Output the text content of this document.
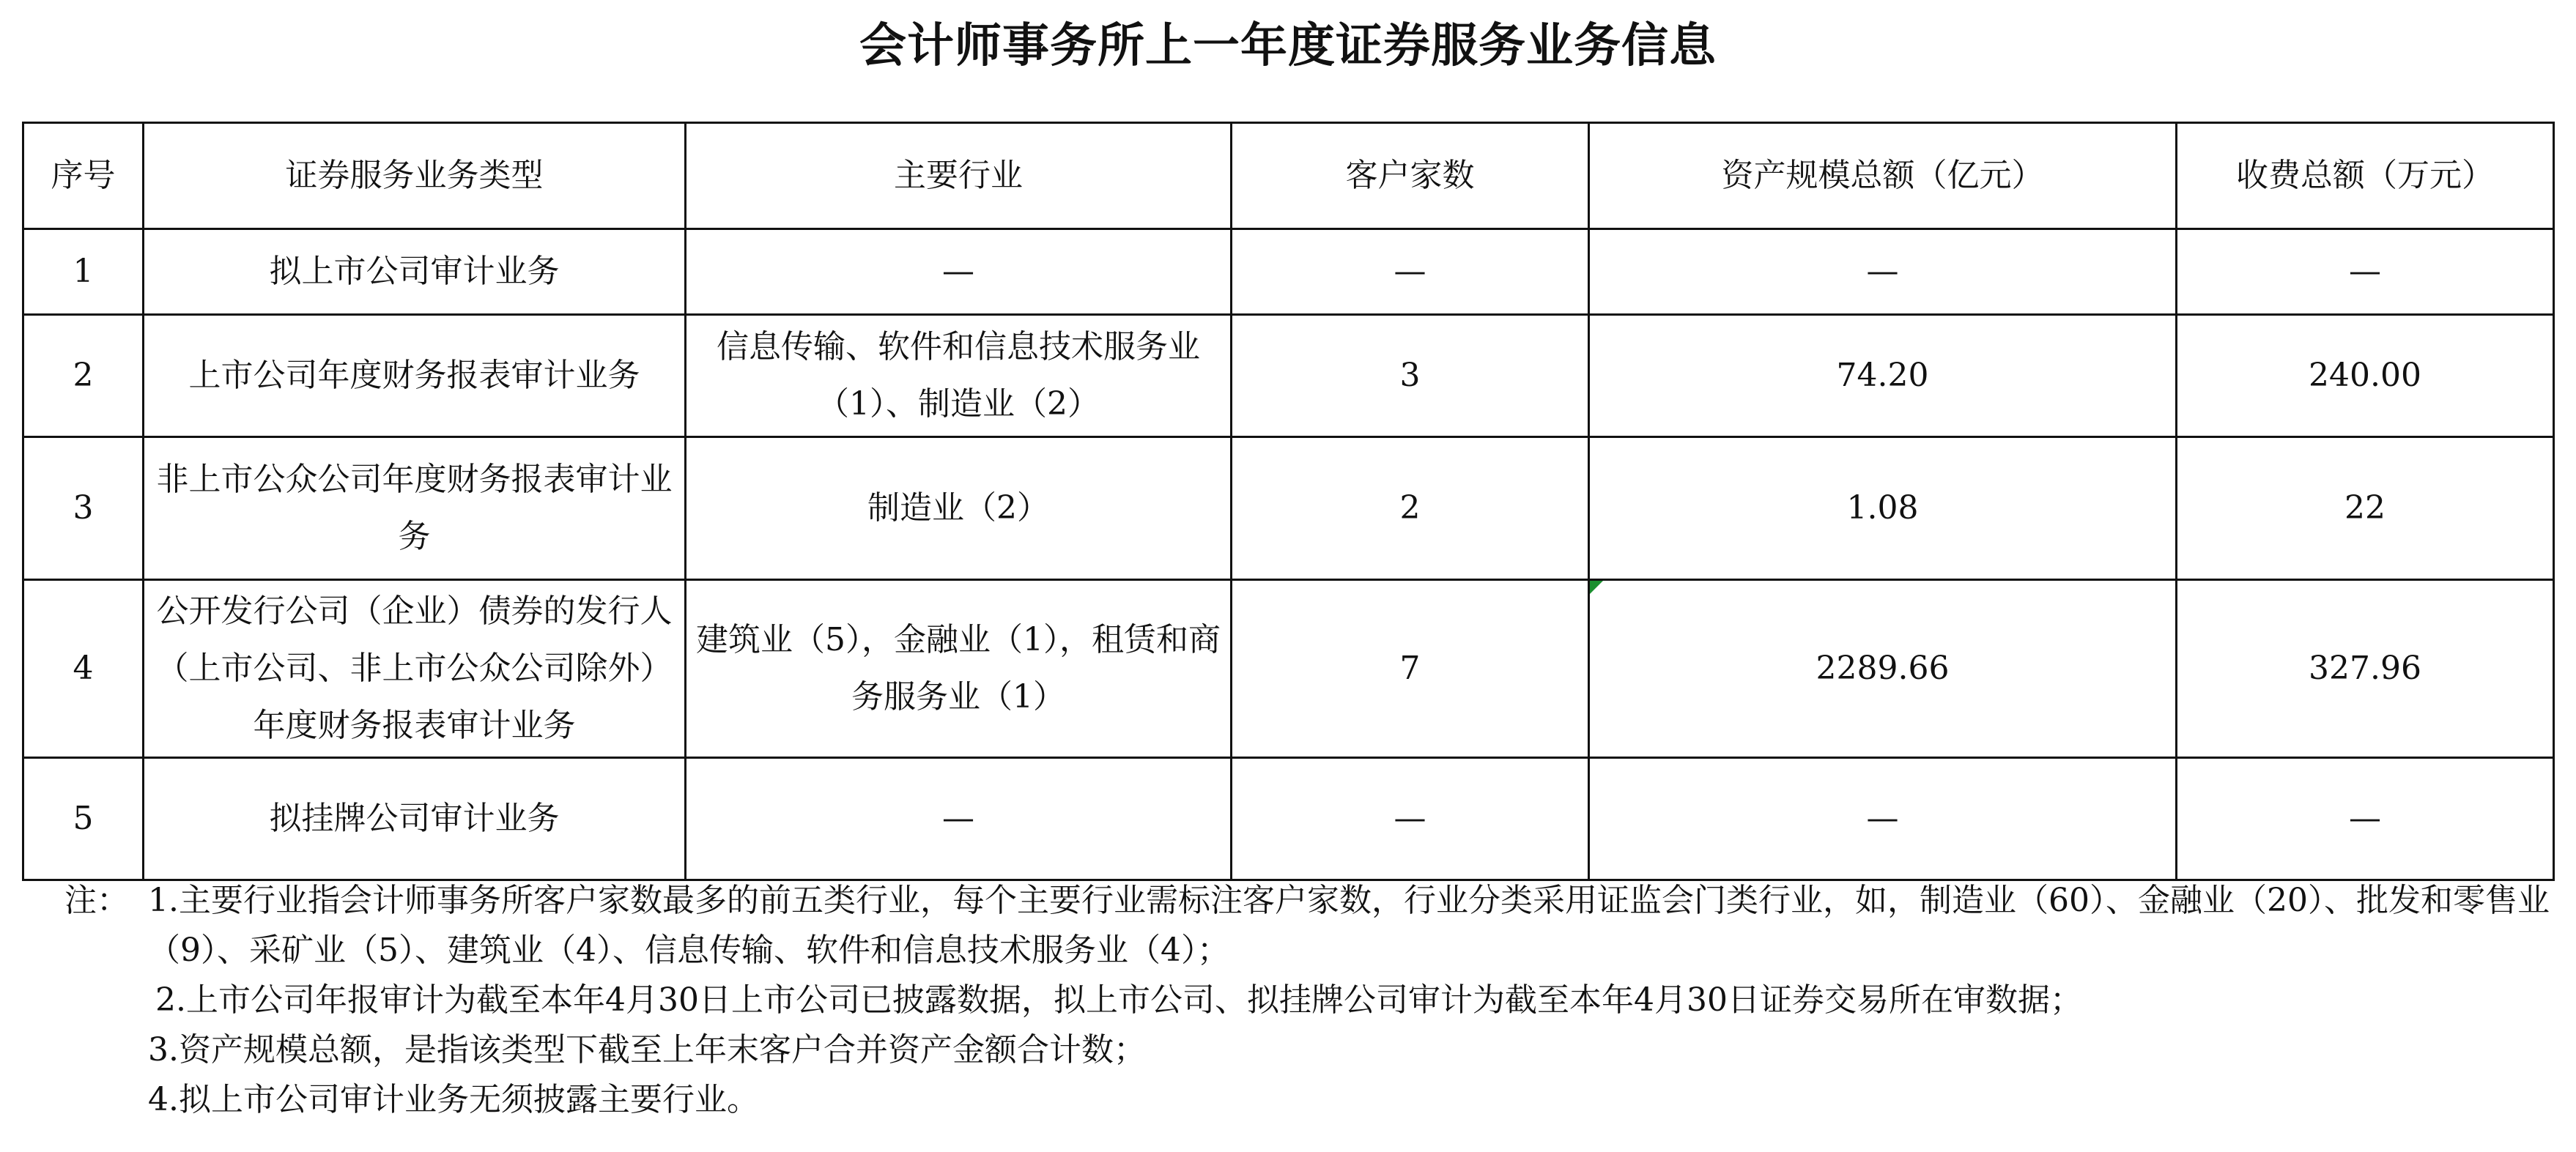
会计师事务所上一年度证券服务业务信息
序号	证券服务业务类型	主要行业	客户家数	资产规模总额（亿元）	收费总额（万元）
1	拟上市公司审计业务	—	—	—	—
2	上市公司年度财务报表审计业务	信息传输、软件和信息技术服务业（1）、制造业（2）	3	74.20	240.00
3	非上市公众公司年度财务报表审计业务	制造业（2）	2	1.08	22
4	公开发行公司（企业）债券的发行人（上市公司、非上市公众公司除外）年度财务报表审计业务	建筑业（5），金融业（1），租赁和商务服务业（1）	7	2289.66	327.96
5	拟挂牌公司审计业务	—	—	—	—
注： 1.主要行业指会计师事务所客户家数最多的前五类行业，每个主要行业需标注客户家数，行业分类采用证监会门类行业，如，制造业（60）、金融业（20）、批发和零售业（9）、采矿业（5）、建筑业（4）、信息传输、软件和信息技术服务业（4）；
2.上市公司年报审计为截至本年4月30日上市公司已披露数据，拟上市公司、拟挂牌公司审计为截至本年4月30日证券交易所在审数据；
3.资产规模总额，是指该类型下截至上年末客户合并资产金额合计数；
4.拟上市公司审计业务无须披露主要行业。
